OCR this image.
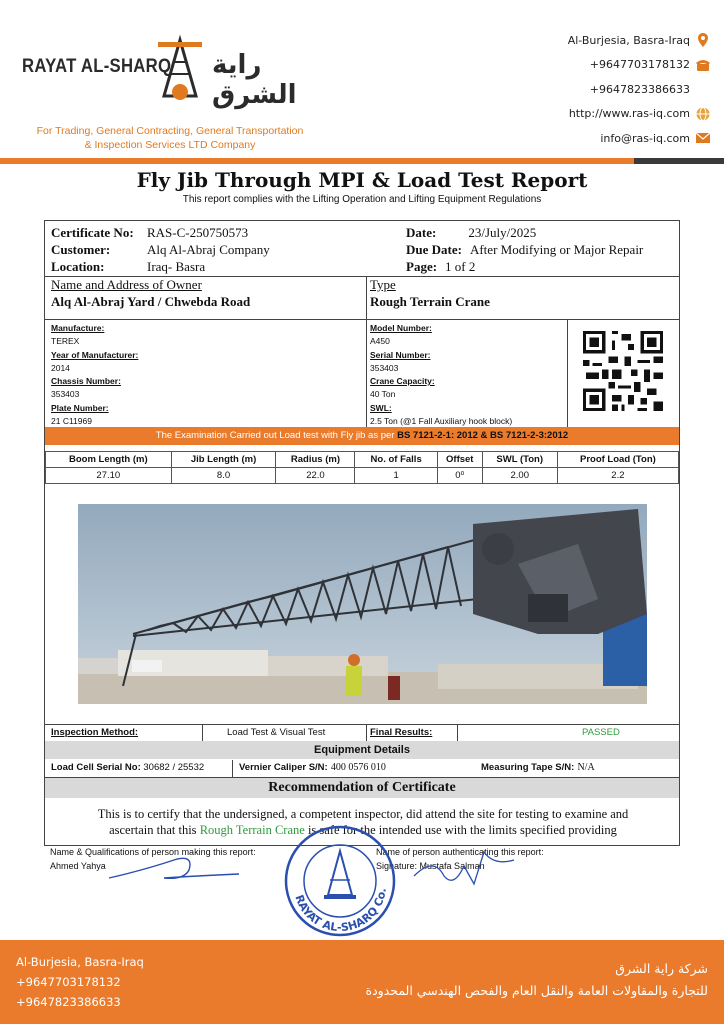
RAYAT AL-SHARQ راية الشرق
For Trading, General Contracting, General Transportation
& Inspection Services LTD Company
Al-Burjesia, Basra-Iraq
+9647703178132
+9647823386633
http://www.ras-iq.com
info@ras-iq.com
Fly Jib Through MPI & Load Test Report
This report complies with the Lifting Operation and Lifting Equipment Regulations
Certificate No:	RAS-C-250750573
Customer:	Alq Al-Abraj Company
Location:	Iraq- Basra
Date: 23/July/2025
Due Date: After Modifying or Major Repair
Page: 1 of 2
Name and Address of Owner
Alq Al-Abraj Yard / Chwebda Road
Type
Rough Terrain Crane
Manufacture:
TEREX
Year of Manufacturer:
2014
Chassis Number:
353403
Plate Number:
21 C11969
Model Number:
A450
Serial Number:
353403
Crane Capacity:
40 Ton
SWL:
2.5 Ton (@1 Fall Auxiliary hook block)
The Examination Carried out Load test with Fly jib as per BS 7121-2-1: 2012 & BS 7121-2-3:2012
Boom Length (m)	Jib Length (m)	Radius (m)	No. of Falls	Offset	SWL (Ton)	Proof Load (Ton)
27.10	8.0	22.0	1	0⁰	2.00	2.2
Inspection Method:	Load Test & Visual Test	Final Results:	PASSED
Equipment Details
Load Cell Serial No: 30682 / 25532	Vernier Caliper S/N: 400 0576 010	Measuring Tape S/N: N/A
Recommendation of Certificate
This is to certify that the undersigned, a competent inspector, did attend the site for testing to examine and
ascertain that this Rough Terrain Crane is safe for the intended use with the limits specified providing
Name & Qualifications of person making this report:
Ahmed Yahya
Name of person authenticating this report:
Signature: Mustafa Salman
RAYAT AL-SHARQ Co.
Al-Burjesia, Basra-Iraq
+9647703178132
+9647823386633
شركة راية الشرق
للتجارة والمقاولات العامة والنقل العام والفحص الهندسي المحدودة
